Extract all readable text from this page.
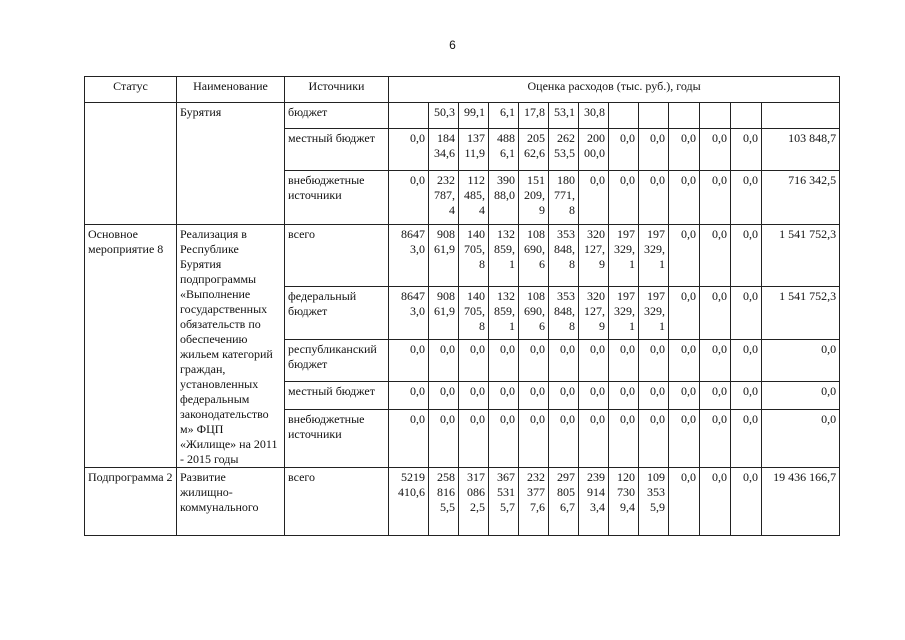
6
Статус	Наименование	Источники	Оценка расходов (тыс. руб.), годы												
	Бурятия	бюджет		50,3	99,1	6,1	17,8	53,1	30,8						
		местный бюджет	0,0	184 34,6	137 11,9	488 6,1	205 62,6	262 53,5	200 00,0	0,0	0,0	0,0	0,0	0,0	103 848,7
		внебюджетные источники	0,0	232 787, 4	112 485, 4	390 88,0	151 209, 9	180 771, 8	0,0	0,0	0,0	0,0	0,0	0,0	716 342,5
Основное мероприятие 8	Реализация в Республике Бурятия подпрограммы «Выполнение государственных обязательств по обеспечению жильем категорий граждан, установленных федеральным законодательство м» ФЦП «Жилище» на 2011 - 2015 годы	всего	8647 3,0	908 61,9	140 705, 8	132 859, 1	108 690, 6	353 848, 8	320 127, 9	197 329, 1	197 329, 1	0,0	0,0	0,0	1 541 752,3
		федеральный бюджет	8647 3,0	908 61,9	140 705, 8	132 859, 1	108 690, 6	353 848, 8	320 127, 9	197 329, 1	197 329, 1	0,0	0,0	0,0	1 541 752,3
		республиканский бюджет	0,0	0,0	0,0	0,0	0,0	0,0	0,0	0,0	0,0	0,0	0,0	0,0	0,0
		местный бюджет	0,0	0,0	0,0	0,0	0,0	0,0	0,0	0,0	0,0	0,0	0,0	0,0	0,0
		внебюджетные источники	0,0	0,0	0,0	0,0	0,0	0,0	0,0	0,0	0,0	0,0	0,0	0,0	0,0
Подпрограмма 2	Развитие жилищно- коммунального	всего	5219 410,6	258 816 5,5	317 086 2,5	367 531 5,7	232 377 7,6	297 805 6,7	239 914 3,4	120 730 9,4	109 353 5,9	0,0	0,0	0,0	19 436 166,7
